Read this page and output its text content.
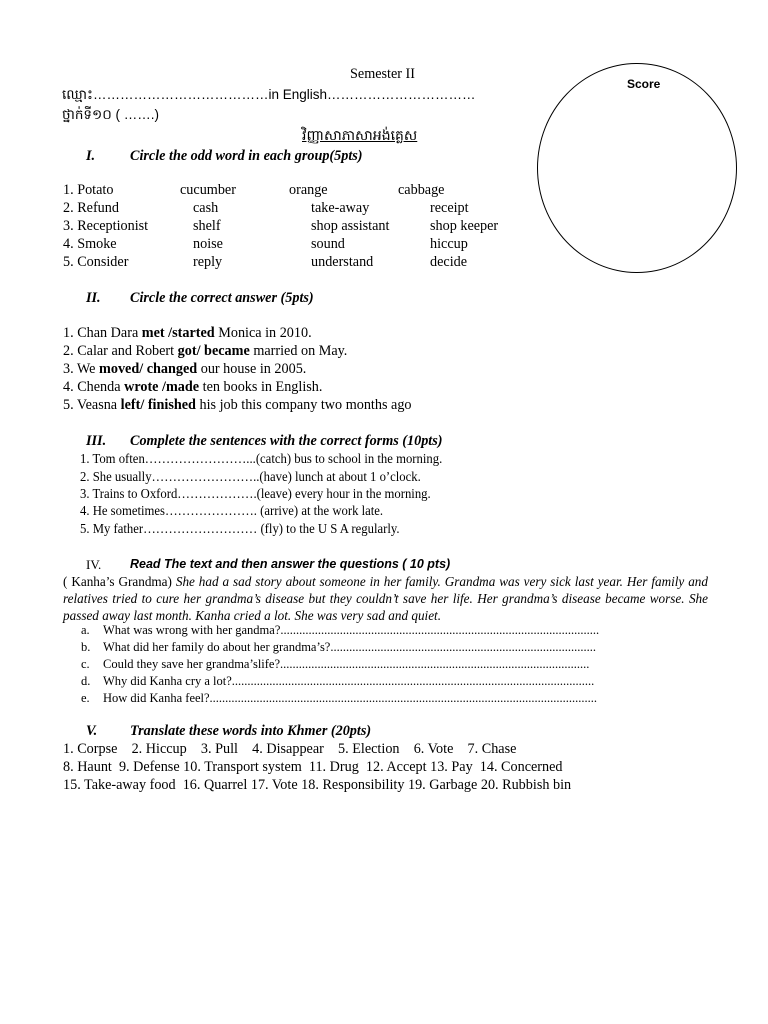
Semester II
ឈ្មោះ…………………………………in English……………………………
ថ្នាក់ទី១០ ( …….)
វិញ្ញាសាភាសាអង់គ្លេស
Score
I. Circle the odd word in each group(5pts)
1. Potato	cucumber	orange	cabbage
2. Refund	cash	take-away	receipt
3. Receptionist	shelf	shop assistant	shop keeper
4. Smoke	noise	sound	hiccup
5. Consider	reply	understand	decide
II. Circle the correct answer (5pts)
1. Chan Dara met /started Monica in 2010.
2. Calar and Robert got/ became married on May.
3. We moved/ changed our house in 2005.
4. Chenda wrote /made ten books in English.
5. Veasna left/ finished his job this company two months ago
III. Complete the sentences with the correct forms (10pts)
1. Tom often……………………...(catch) bus to school in the morning.
2. She usually……………………..(have) lunch at about 1 o’clock.
3. Trains to Oxford……………….(leave) every hour in the morning.
4. He sometimes…………………. (arrive) at the work late.
5. My father……………………… (fly) to the U S A regularly.
IV. Read The text and then answer the questions ( 10 pts)
( Kanha’s Grandma) She had a sad story about someone in her family. Grandma was very sick last year. Her family and relatives tried to cure her grandma’s disease but they couldn’t save her life. Her grandma’s disease became worse. She passed away last month. Kanha cried a lot. She was very sad and quiet.
a. What was wrong with her gandma?......................................................................................................
b. What did her family do about her grandma’s?.....................................................................................
c. Could they save her grandma’slife?...................................................................................................
d. Why did Kanha cry a lot?....................................................................................................................
e. How did Kanha feel?............................................................................................................................
V. Translate these words into Khmer (20pts)
1. Corpse    2. Hiccup    3. Pull    4. Disappear    5. Election    6. Vote    7. Chase
8. Haunt  9. Defense 10. Transport system  11. Drug  12. Accept 13. Pay  14. Concerned
15. Take-away food  16. Quarrel 17. Vote 18. Responsibility 19. Garbage 20. Rubbish bin
